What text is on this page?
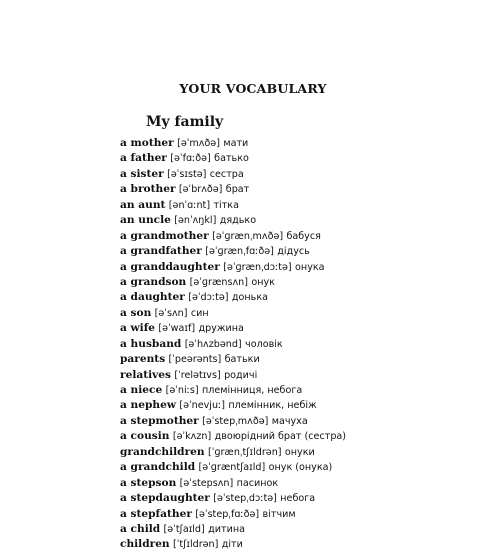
YOUR VOCABULARY
My family
a mother [əˈmʌðə] мати
a father [əˈfɑːðə] батько
a sister [əˈsɪstə] сестра
a brother [əˈbrʌðə] брат
an aunt [ənˈɑːnt] тітка
an uncle [ənˈʌŋkl] дядько
a grandmother [əˈɡrænˌmʌðə] бабуся
a grandfather [əˈɡrænˌfɑːðə] дідусь
a granddaughter [əˈɡrænˌdɔːtə] онука
a grandson [əˈɡrænsʌn] онук
a daughter [əˈdɔːtə] донька
a son [əˈsʌn] син
a wife [əˈwaɪf] дружина
a husband [əˈhʌzbənd] чоловік
parents [ˈpeərənts] батьки
relatives [ˈrelətɪvs] родичі
a niece [əˈniːs] племінниця, небога
a nephew [əˈnevjuː] племінник, небіж
a stepmother [əˈstepˌmʌðə] мачуха
a cousin [əˈkʌzn] двоюрідний брат (сестра)
grandchildren [ˈɡrænˌtʃɪldrən] онуки
a grandchild [əˈɡræntʃaɪld] онук (онука)
a stepson [əˈstepsʌn] пасинок
a stepdaughter [əˈstepˌdɔːtə] небога
a stepfather [əˈstepˌfɑːðə] вітчим
a child [əˈtʃaɪld] дитина
children [ˈtʃɪldrən] діти
